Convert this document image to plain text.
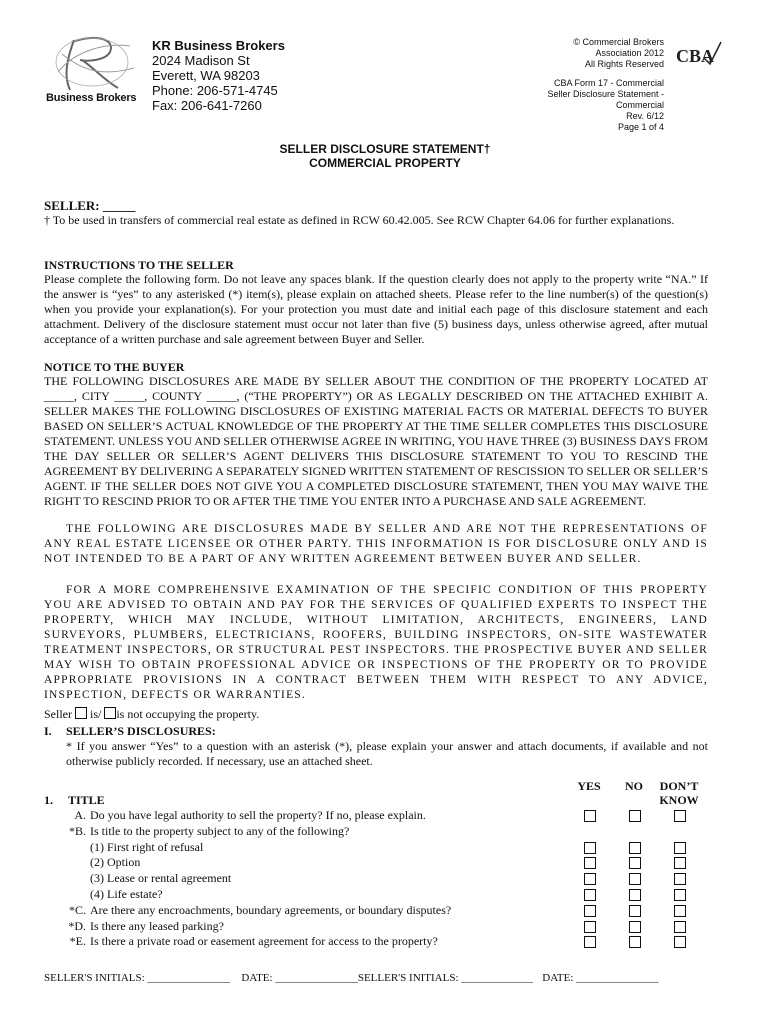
Business Brokers
KR Business Brokers
2024 Madison St
Everett, WA 98203
Phone: 206-571-4745
Fax: 206-641-7260
© Commercial Brokers
Association 2012
All Rights Reserved
CBA Form 17 - Commercial
Seller Disclosure Statement -
Commercial
Rev. 6/12
Page 1 of 4
CBA
SELLER DISCLOSURE STATEMENT†
COMMERCIAL PROPERTY
SELLER: _____
† To be used in transfers of commercial real estate as defined in RCW 60.42.005. See RCW Chapter 64.06 for further explanations.
INSTRUCTIONS TO THE SELLER
Please complete the following form. Do not leave any spaces blank. If the question clearly does not apply to the property write “NA.” If the answer is “yes” to any asterisked (*) item(s), please explain on attached sheets. Please refer to the line number(s) of the question(s) when you provide your explanation(s). For your protection you must date and initial each page of this disclosure statement and each attachment. Delivery of the disclosure statement must occur not later than five (5) business days, unless otherwise agreed, after mutual acceptance of a written purchase and sale agreement between Buyer and Seller.
NOTICE TO THE BUYER
THE FOLLOWING DISCLOSURES ARE MADE BY SELLER ABOUT THE CONDITION OF THE PROPERTY LOCATED AT _____, CITY _____, COUNTY _____, (“THE PROPERTY”) OR AS LEGALLY DESCRIBED ON THE ATTACHED EXHIBIT A. SELLER MAKES THE FOLLOWING DISCLOSURES OF EXISTING MATERIAL FACTS OR MATERIAL DEFECTS TO BUYER BASED ON SELLER’S ACTUAL KNOWLEDGE OF THE PROPERTY AT THE TIME SELLER COMPLETES THIS DISCLOSURE STATEMENT. UNLESS YOU AND SELLER OTHERWISE AGREE IN WRITING, YOU HAVE THREE (3) BUSINESS DAYS FROM THE DAY SELLER OR SELLER’S AGENT DELIVERS THIS DISCLOSURE STATEMENT TO YOU TO RESCIND THE AGREEMENT BY DELIVERING A SEPARATELY SIGNED WRITTEN STATEMENT OF RESCISSION TO SELLER OR SELLER’S AGENT. IF THE SELLER DOES NOT GIVE YOU A COMPLETED DISCLOSURE STATEMENT, THEN YOU MAY WAIVE THE RIGHT TO RESCIND PRIOR TO OR AFTER THE TIME YOU ENTER INTO A PURCHASE AND SALE AGREEMENT.
THE FOLLOWING ARE DISCLOSURES MADE BY SELLER AND ARE NOT THE REPRESENTATIONS OF ANY REAL ESTATE LICENSEE OR OTHER PARTY. THIS INFORMATION IS FOR DISCLOSURE ONLY AND IS NOT INTENDED TO BE A PART OF ANY WRITTEN AGREEMENT BETWEEN BUYER AND SELLER.
FOR A MORE COMPREHENSIVE EXAMINATION OF THE SPECIFIC CONDITION OF THIS PROPERTY YOU ARE ADVISED TO OBTAIN AND PAY FOR THE SERVICES OF QUALIFIED EXPERTS TO INSPECT THE PROPERTY, WHICH MAY INCLUDE, WITHOUT LIMITATION, ARCHITECTS, ENGINEERS, LAND SURVEYORS, PLUMBERS, ELECTRICIANS, ROOFERS, BUILDING INSPECTORS, ON-SITE WASTEWATER TREATMENT INSPECTORS, OR STRUCTURAL PEST INSPECTORS. THE PROSPECTIVE BUYER AND SELLER MAY WISH TO OBTAIN PROFESSIONAL ADVICE OR INSPECTIONS OF THE PROPERTY OR TO PROVIDE APPROPRIATE PROVISIONS IN A CONTRACT BETWEEN THEM WITH RESPECT TO ANY ADVICE, INSPECTION, DEFECTS OR WARRANTIES.
Seller is/ is not occupying the property.
I. SELLER’S DISCLOSURES:
* If you answer “Yes” to a question with an asterisk (*), please explain your answer and attach documents, if available and not otherwise publicly recorded. If necessary, use an attached sheet.
YES	NO	DON’T
KNOW
1. TITLE
A. Do you have legal authority to sell the property? If no, please explain.
*B. Is title to the property subject to any of the following?
(1) First right of refusal
(2) Option
(3) Lease or rental agreement
(4) Life estate?
*C. Are there any encroachments, boundary agreements, or boundary disputes?
*D. Is there any leased parking?
*E. Is there a private road or easement agreement for access to the property?
SELLER'S INITIALS: _______________ DATE: _______________SELLER'S INITIALS: _____________ DATE: _______________
